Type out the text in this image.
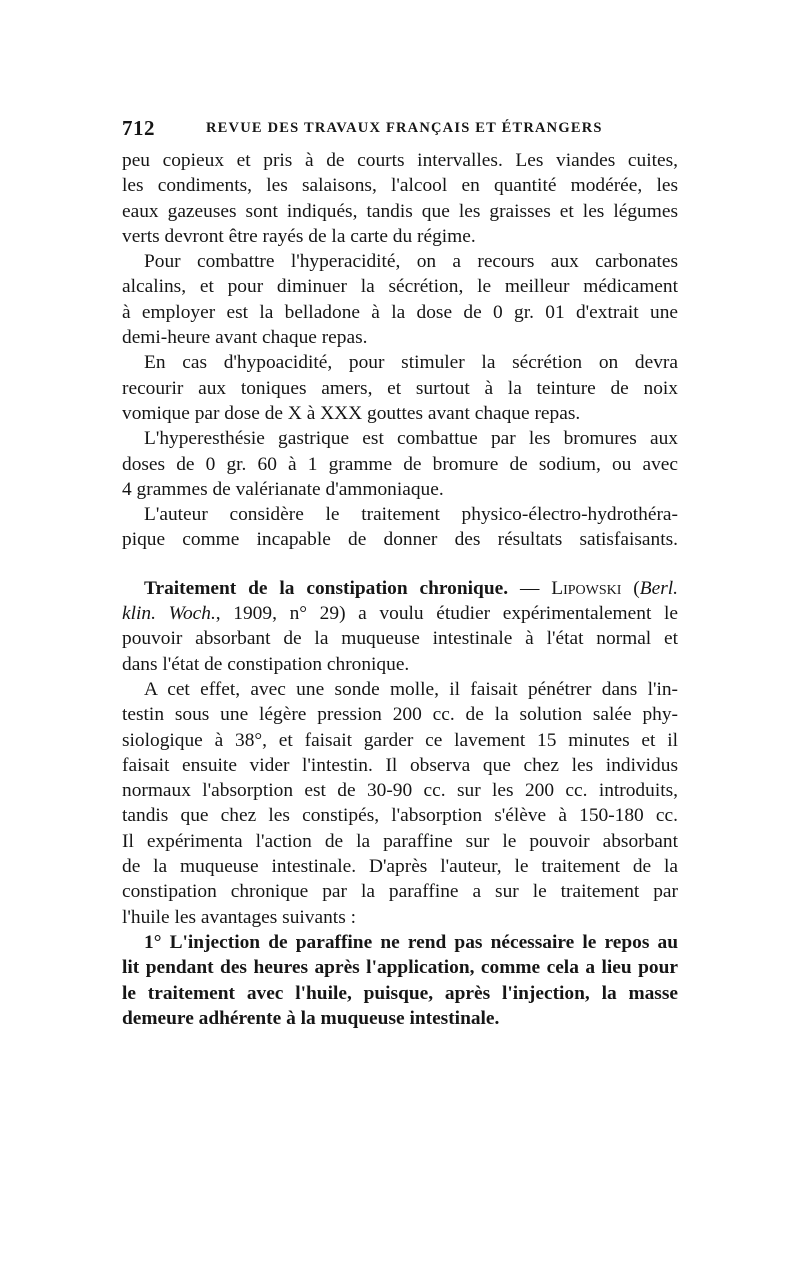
712	REVUE DES TRAVAUX FRANÇAIS ET ÉTRANGERS

peu copieux et pris à de courts intervalles. Les viandes cuites,
les condiments, les salaisons, l'alcool en quantité modérée, les
eaux gazeuses sont indiqués, tandis que les graisses et les légumes
verts devront être rayés de la carte du régime.

Pour combattre l'hyperacidité, on a recours aux carbonates
alcalins, et pour diminuer la sécrétion, le meilleur médicament
à employer est la belladone à la dose de 0 gr. 01 d'extrait une
demi-heure avant chaque repas.

En cas d'hypoacidité, pour stimuler la sécrétion on devra
recourir aux toniques amers, et surtout à la teinture de noix
vomique par dose de X à XXX gouttes avant chaque repas.

L'hyperesthésie gastrique est combattue par les bromures aux
doses de 0 gr. 60 à 1 gramme de bromure de sodium, ou avec
4 grammes de valérianate d'ammoniaque.

L'auteur considère le traitement physico-électro-hydrothéra-
pique comme incapable de donner des résultats satisfaisants.

Traitement de la constipation chronique. — Lipowski (Berl.
klin. Woch., 1909, n° 29) a voulu étudier expérimentalement le
pouvoir absorbant de la muqueuse intestinale à l'état normal et
dans l'état de constipation chronique.

A cet effet, avec une sonde molle, il faisait pénétrer dans l'in-
testin sous une légère pression 200 cc. de la solution salée phy-
siologique à 38°, et faisait garder ce lavement 15 minutes et il
faisait ensuite vider l'intestin. Il observa que chez les individus
normaux l'absorption est de 30-90 cc. sur les 200 cc. introduits,
tandis que chez les constipés, l'absorption s'élève à 150-180 cc.
Il expérimenta l'action de la paraffine sur le pouvoir absorbant
de la muqueuse intestinale. D'après l'auteur, le traitement de la
constipation chronique par la paraffine a sur le traitement par
l'huile les avantages suivants :

1° L'injection de paraffine ne rend pas nécessaire le repos au
lit pendant des heures après l'application, comme cela a lieu pour
le traitement avec l'huile, puisque, après l'injection, la masse
demeure adhérente à la muqueuse intestinale.
